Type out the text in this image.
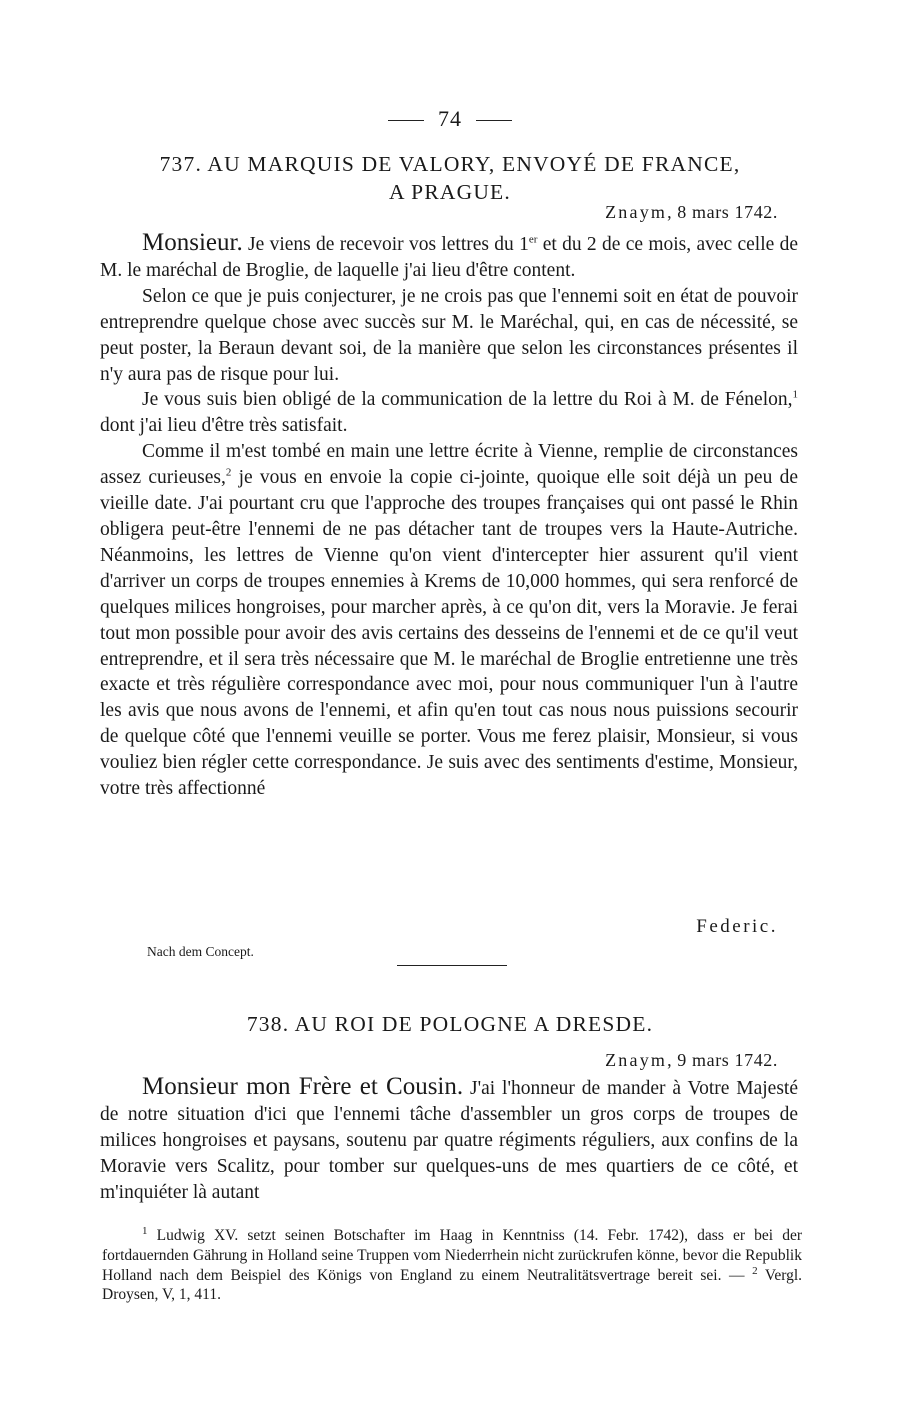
74
737. AU MARQUIS DE VALORY, ENVOYÉ DE FRANCE,
A PRAGUE.
Znaym, 8 mars 1742.

Monsieur. Je viens de recevoir vos lettres du 1er et du 2 de ce mois, avec celle de M. le maréchal de Broglie, de laquelle j'ai lieu d'être content.

Selon ce que je puis conjecturer, je ne crois pas que l'ennemi soit en état de pouvoir entreprendre quelque chose avec succès sur M. le Maréchal, qui, en cas de nécessité, se peut poster, la Beraun devant soi, de la manière que selon les circonstances présentes il n'y aura pas de risque pour lui.

Je vous suis bien obligé de la communication de la lettre du Roi à M. de Fénelon,$^1$ dont j'ai lieu d'être très satisfait.

Comme il m'est tombé en main une lettre écrite à Vienne, remplie de circonstances assez curieuses,$^2$ je vous en envoie la copie ci-jointe, quoique elle soit déjà un peu de vieille date. J'ai pourtant cru que l'approche des troupes françaises qui ont passé le Rhin obligera peut-être l'ennemi de ne pas détacher tant de troupes vers la Haute-Autriche. Néanmoins, les lettres de Vienne qu'on vient d'intercepter hier assurent qu'il vient d'arriver un corps de troupes ennemies à Krems de 10,000 hommes, qui sera renforcé de quelques milices hongroises, pour marcher après, à ce qu'on dit, vers la Moravie. Je ferai tout mon possible pour avoir des avis certains des desseins de l'ennemi et de ce qu'il veut entreprendre, et il sera très nécessaire que M. le maréchal de Broglie entretienne une très exacte et très régulière correspondance avec moi, pour nous communiquer l'un à l'autre les avis que nous avons de l'ennemi, et afin qu'en tout cas nous nous puissions secourir de quelque côté que l'ennemi veuille se porter. Vous me ferez plaisir, Monsieur, si vous vouliez bien régler cette correspondance. Je suis avec des sentiments d'estime, Monsieur, votre très affectionné

Federic.
Nach dem Concept.
738. AU ROI DE POLOGNE A DRESDE.
Znaym, 9 mars 1742.

Monsieur mon Frère et Cousin. J'ai l'honneur de mander à Votre Majesté de notre situation d'ici que l'ennemi tâche d'assembler un gros corps de troupes de milices hongroises et paysans, soutenu par quatre régiments réguliers, aux confins de la Moravie vers Scalitz, pour tomber sur quelques-uns de mes quartiers de ce côté, et m'inquiéter là autant

$^1$ Ludwig XV. setzt seinen Botschafter im Haag in Kenntniss (14. Febr. 1742), dass er bei der fortdauernden Gährung in Holland seine Truppen vom Niederrhein nicht zurückrufen könne, bevor die Republik Holland nach dem Beispiel des Königs von England zu einem Neutralitätsvertrage bereit sei. — $^2$ Vergl. Droysen, V, 1, 411.
